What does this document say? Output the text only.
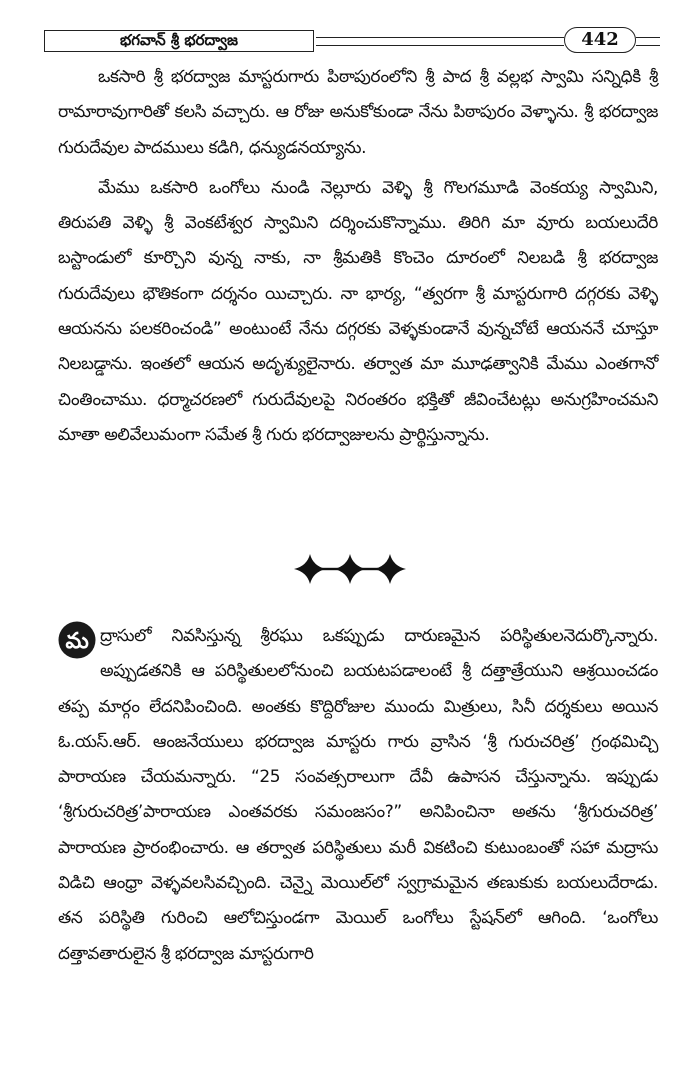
భగవాన్ శ్రీ భరద్వాజ	442

ఒకసారి శ్రీ భరద్వాజ మాస్టరుగారు పిఠాపురంలోని శ్రీ పాద శ్రీ వల్లభ స్వామి సన్నిధికి శ్రీ రామారావుగారితో కలసి వచ్చారు. ఆ రోజు అనుకోకుండా నేను పిఠాపురం వెళ్ళాను. శ్రీ భరద్వాజ గురుదేవుల పాదములు కడిగి, ధన్యుడనయ్యాను.

మేము ఒకసారి ఒంగోలు నుండి నెల్లూరు వెళ్ళి శ్రీ గొలగమూడి వెంకయ్య స్వామిని, తిరుపతి వెళ్ళి శ్రీ వెంకటేశ్వర స్వామిని దర్శించుకొన్నాము. తిరిగి మా వూరు బయలుదేరి బస్టాండులో కూర్చొని వున్న నాకు, నా శ్రీమతికి కొంచెం దూరంలో నిలబడి శ్రీ భరద్వాజ గురుదేవులు భౌతికంగా దర్శనం యిచ్చారు. నా భార్య, “త్వరగా శ్రీ మాస్టరుగారి దగ్గరకు వెళ్ళి ఆయనను పలకరించండి” అంటుంటే నేను దగ్గరకు వెళ్ళకుండానే వున్నచోటే ఆయననే చూస్తూ నిలబడ్డాను. ఇంతలో ఆయన అదృశ్యులైనారు. తర్వాత మా మూఢత్వానికి మేము ఎంతగానో చింతించాము. ధర్మాచరణలో గురుదేవులపై నిరంతరం భక్తితో జీవించేటట్లు అనుగ్రహించమని మాతా అలివేలుమంగా సమేత శ్రీ గురు భరద్వాజులను ప్రార్థిస్తున్నాను.

మ ద్రాసులో నివసిస్తున్న శ్రీరఘు ఒకప్పుడు దారుణమైన పరిస్థితులనెదుర్కొన్నారు. అప్పుడతనికి ఆ పరిస్థితులలోనుంచి బయటపడాలంటే శ్రీ దత్తాత్రేయుని ఆశ్రయించడం తప్ప మార్గం లేదనిపించింది. అంతకు కొద్దిరోజుల ముందు మిత్రులు, సినీ దర్శకులు అయిన ఓ.యస్.ఆర్. ఆంజనేయులు భరద్వాజ మాస్టరు గారు వ్రాసిన ‘శ్రీ గురుచరిత్ర’ గ్రంథమిచ్చి పారాయణ చేయమన్నారు. “25 సంవత్సరాలుగా దేవీ ఉపాసన చేస్తున్నాను. ఇప్పుడు ‘శ్రీగురుచరిత్ర’పారాయణ ఎంతవరకు సమంజసం?” అనిపించినా అతను ‘శ్రీగురుచరిత్ర’ పారాయణ ప్రారంభించారు. ఆ తర్వాత పరిస్థితులు మరీ వికటించి కుటుంబంతో సహా మద్రాసు విడిచి ఆంధ్రా వెళ్ళవలసివచ్చింది. చెన్నై మెయిల్‌లో స్వగ్రామమైన తణుకుకు బయలుదేరాడు. తన పరిస్థితి గురించి ఆలోచిస్తుండగా మెయిల్ ఒంగోలు స్టేషన్‌లో ఆగింది. ‘ఒంగోలు దత్తావతారులైన శ్రీ భరద్వాజ మాస్టరుగారి
